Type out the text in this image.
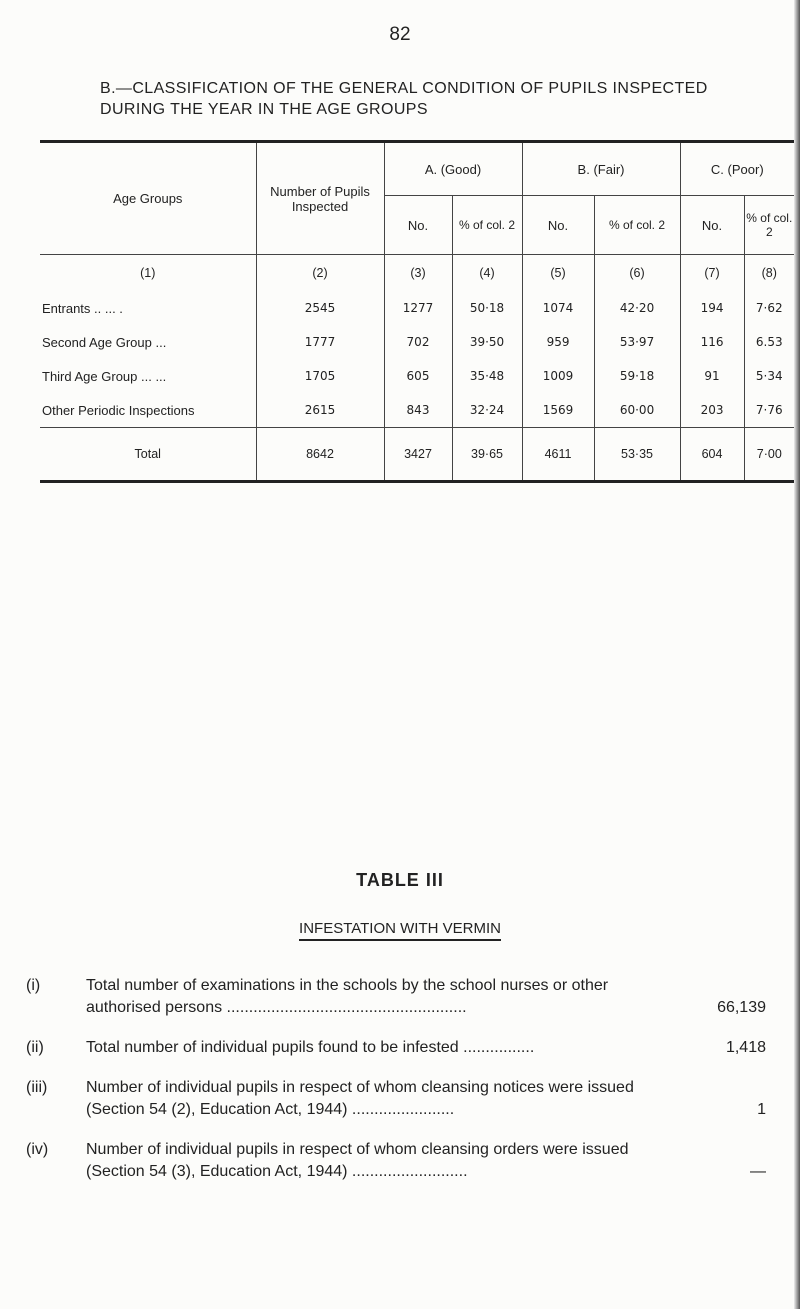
82
B.—CLASSIFICATION OF THE GENERAL CONDITION OF PUPILS INSPECTED DURING THE YEAR IN THE AGE GROUPS
Age Groups	Number of Pupils Inspected	A. (Good)		B. (Fair)		C. (Poor)	
		No.	% of col. 2	No.	% of col. 2	No.	% of col. 2
(1)	(2)	(3)	(4)	(5)	(6)	(7)	(8)
Entrants .. ... .	2545	1277	50·18	1074	42·20	194	7·62
Second Age Group ...	1777	702	39·50	959	53·97	116	6.53
Third Age Group ... ...	1705	605	35·48	1009	59·18	91	5·34
Other Periodic Inspections	2615	843	32·24	1569	60·00	203	7·76
Total	8642	3427	39·65	4611	53·35	604	7·00
TABLE III
INFESTATION WITH VERMIN
(i)	Total number of examinations in the schools by the school nurses or other authorised persons ......................................................	66,139
(ii)	Total number of individual pupils found to be infested ................	1,418
(iii)	Number of individual pupils in respect of whom cleansing notices were issued (Section 54 (2), Education Act, 1944) .......................	1
(iv)	Number of individual pupils in respect of whom cleansing orders were issued (Section 54 (3), Education Act, 1944) ..........................	—
